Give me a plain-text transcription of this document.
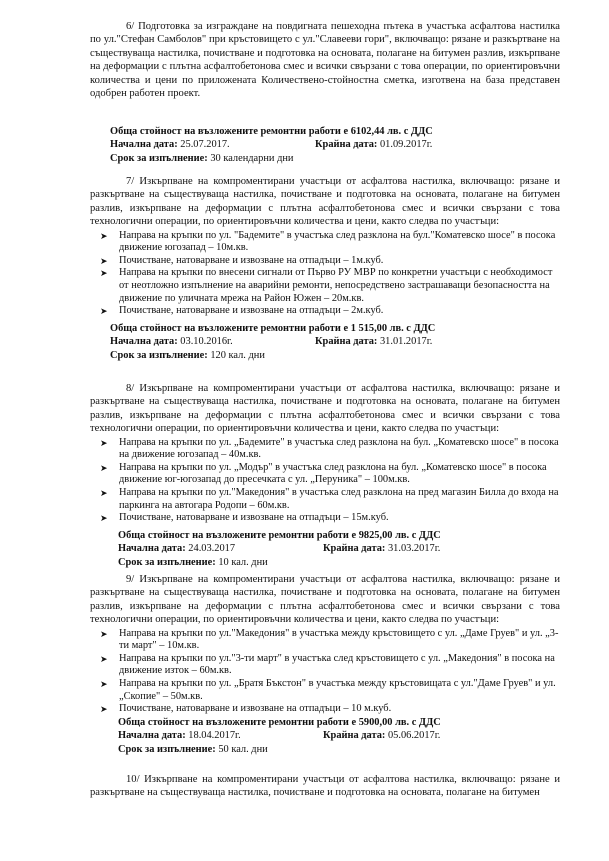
6/ Подготовка за изграждане на повдигната пешеходна пътека в участъка асфалтова настилка по ул."Стефан Самболов" при кръстовището с ул."Славееви гори", включващо: рязане и разкъртване на съществуваща настилка, почистване и подготовка на основата, полагане на битумен разлив, изкърпване на деформации с плътна асфалтобетонова смес и всички свързани с това операции, по ориентировъчни количества и цени по приложената Количествено-стойностна сметка, изготвена на база представен одобрен работен проект.

Обща стойност на възложените ремонтни работи е 6102,44 лв. с ДДС
Начална дата: 25.07.2017.	Крайна дата: 01.09.2017г.
Срок за изпълнение: 30 календарни дни

7/ Изкърпване на компроментирани участъци от асфалтова настилка, включващо: рязане и разкъртване на съществуваща настилка, почистване и подготовка на основата, полагане на битумен разлив, изкърпване на деформации с плътна асфалтобетонова смес и всички свързани с това технологични операции, по ориентировъчни количества и цени, както следва по участъци:

➤ Направа на кръпки по ул. "Бадемите" в участъка след разклона на бул."Коматевско шосе" в посока движение югозапад – 10м.кв.
➤ Почистване, натоварване и извозване на отпадъци – 1м.куб.
➤ Направа на кръпки по внесени сигнали от Първо РУ МВР по конкретни участъци с необходимост от неотложно изпълнение на аварийни ремонти, непосредствено застрашаващи безопасността на движение по уличната мрежа на Район Южен – 20м.кв.
➤ Почистване, натоварване и извозване на отпадъци – 2м.куб.
Обща стойност на възложените ремонтни работи е 1 515,00 лв. с ДДС
Начална дата: 03.10.2016г.	Крайна дата: 31.01.2017г.
Срок за изпълнение: 120 кал. дни

8/ Изкърпване на компроментирани участъци от асфалтова настилка, включващо: рязане и разкъртване на съществуваща настилка, почистване и подготовка на основата, полагане на битумен разлив, изкърпване на деформации с плътна асфалтобетонова смес и всички свързани с това технологични операции, по ориентировъчни количества и цени, както следва по участъци:

➤ Направа на кръпки по ул. „Бадемите" в участъка след разклона на бул. „Коматевско шосе" в посока на движение югозапад – 40м.кв.
➤ Направа на кръпки по ул. „Модър" в участъка след разклона на бул. „Коматевско шосе" в посока движение юг-югозапад до пресечката с ул. „Перуника" – 100м.кв.
➤ Направа на кръпки по ул."Македония" в участъка след разклона на пред магазин Билла до входа на паркинга на автогара Родопи – 60м.кв.
➤ Почистване, натоварване и извозване на отпадъци – 15м.куб.
Обща стойност на възложените ремонтни работи е 9825,00 лв. с ДДС
Начална дата: 24.03.2017	Крайна дата: 31.03.2017г.
Срок за изпълнение: 10 кал. дни

9/ Изкърпване на компроментирани участъци от асфалтова настилка, включващо: рязане и разкъртване на съществуваща настилка, почистване и подготовка на основата, полагане на битумен разлив, изкърпване на деформации с плътна асфалтобетонова смес и всички свързани с това технологични операции, по ориентировъчни количества и цени, както следва по участъци:

➤ Направа на кръпки по ул."Македония" в участъка между кръстовището с ул. „Даме Груев" и ул. „3-ти март" – 10м.кв.
➤ Направа на кръпки по ул."3-ти март" в участъка след кръстовището с ул. „Македония" в посока на движение изток – 60м.кв.
➤ Направа на кръпки по ул. „Братя Бъкстон" в участъка между кръстовищата с ул."Даме Груев" и ул. „Скопие" – 50м.кв.
➤ Почистване, натоварване и извозване на отпадъци – 10 м.куб.
Обща стойност на възложените ремонтни работи е 5900,00 лв. с ДДС
Начална дата: 18.04.2017г.	Крайна дата: 05.06.2017г.
Срок за изпълнение: 50 кал. дни

10/ Изкърпване на компроментирани участъци от асфалтова настилка, включващо: рязане и разкъртване на съществуваща настилка, почистване и подготовка на основата, полагане на битумен
